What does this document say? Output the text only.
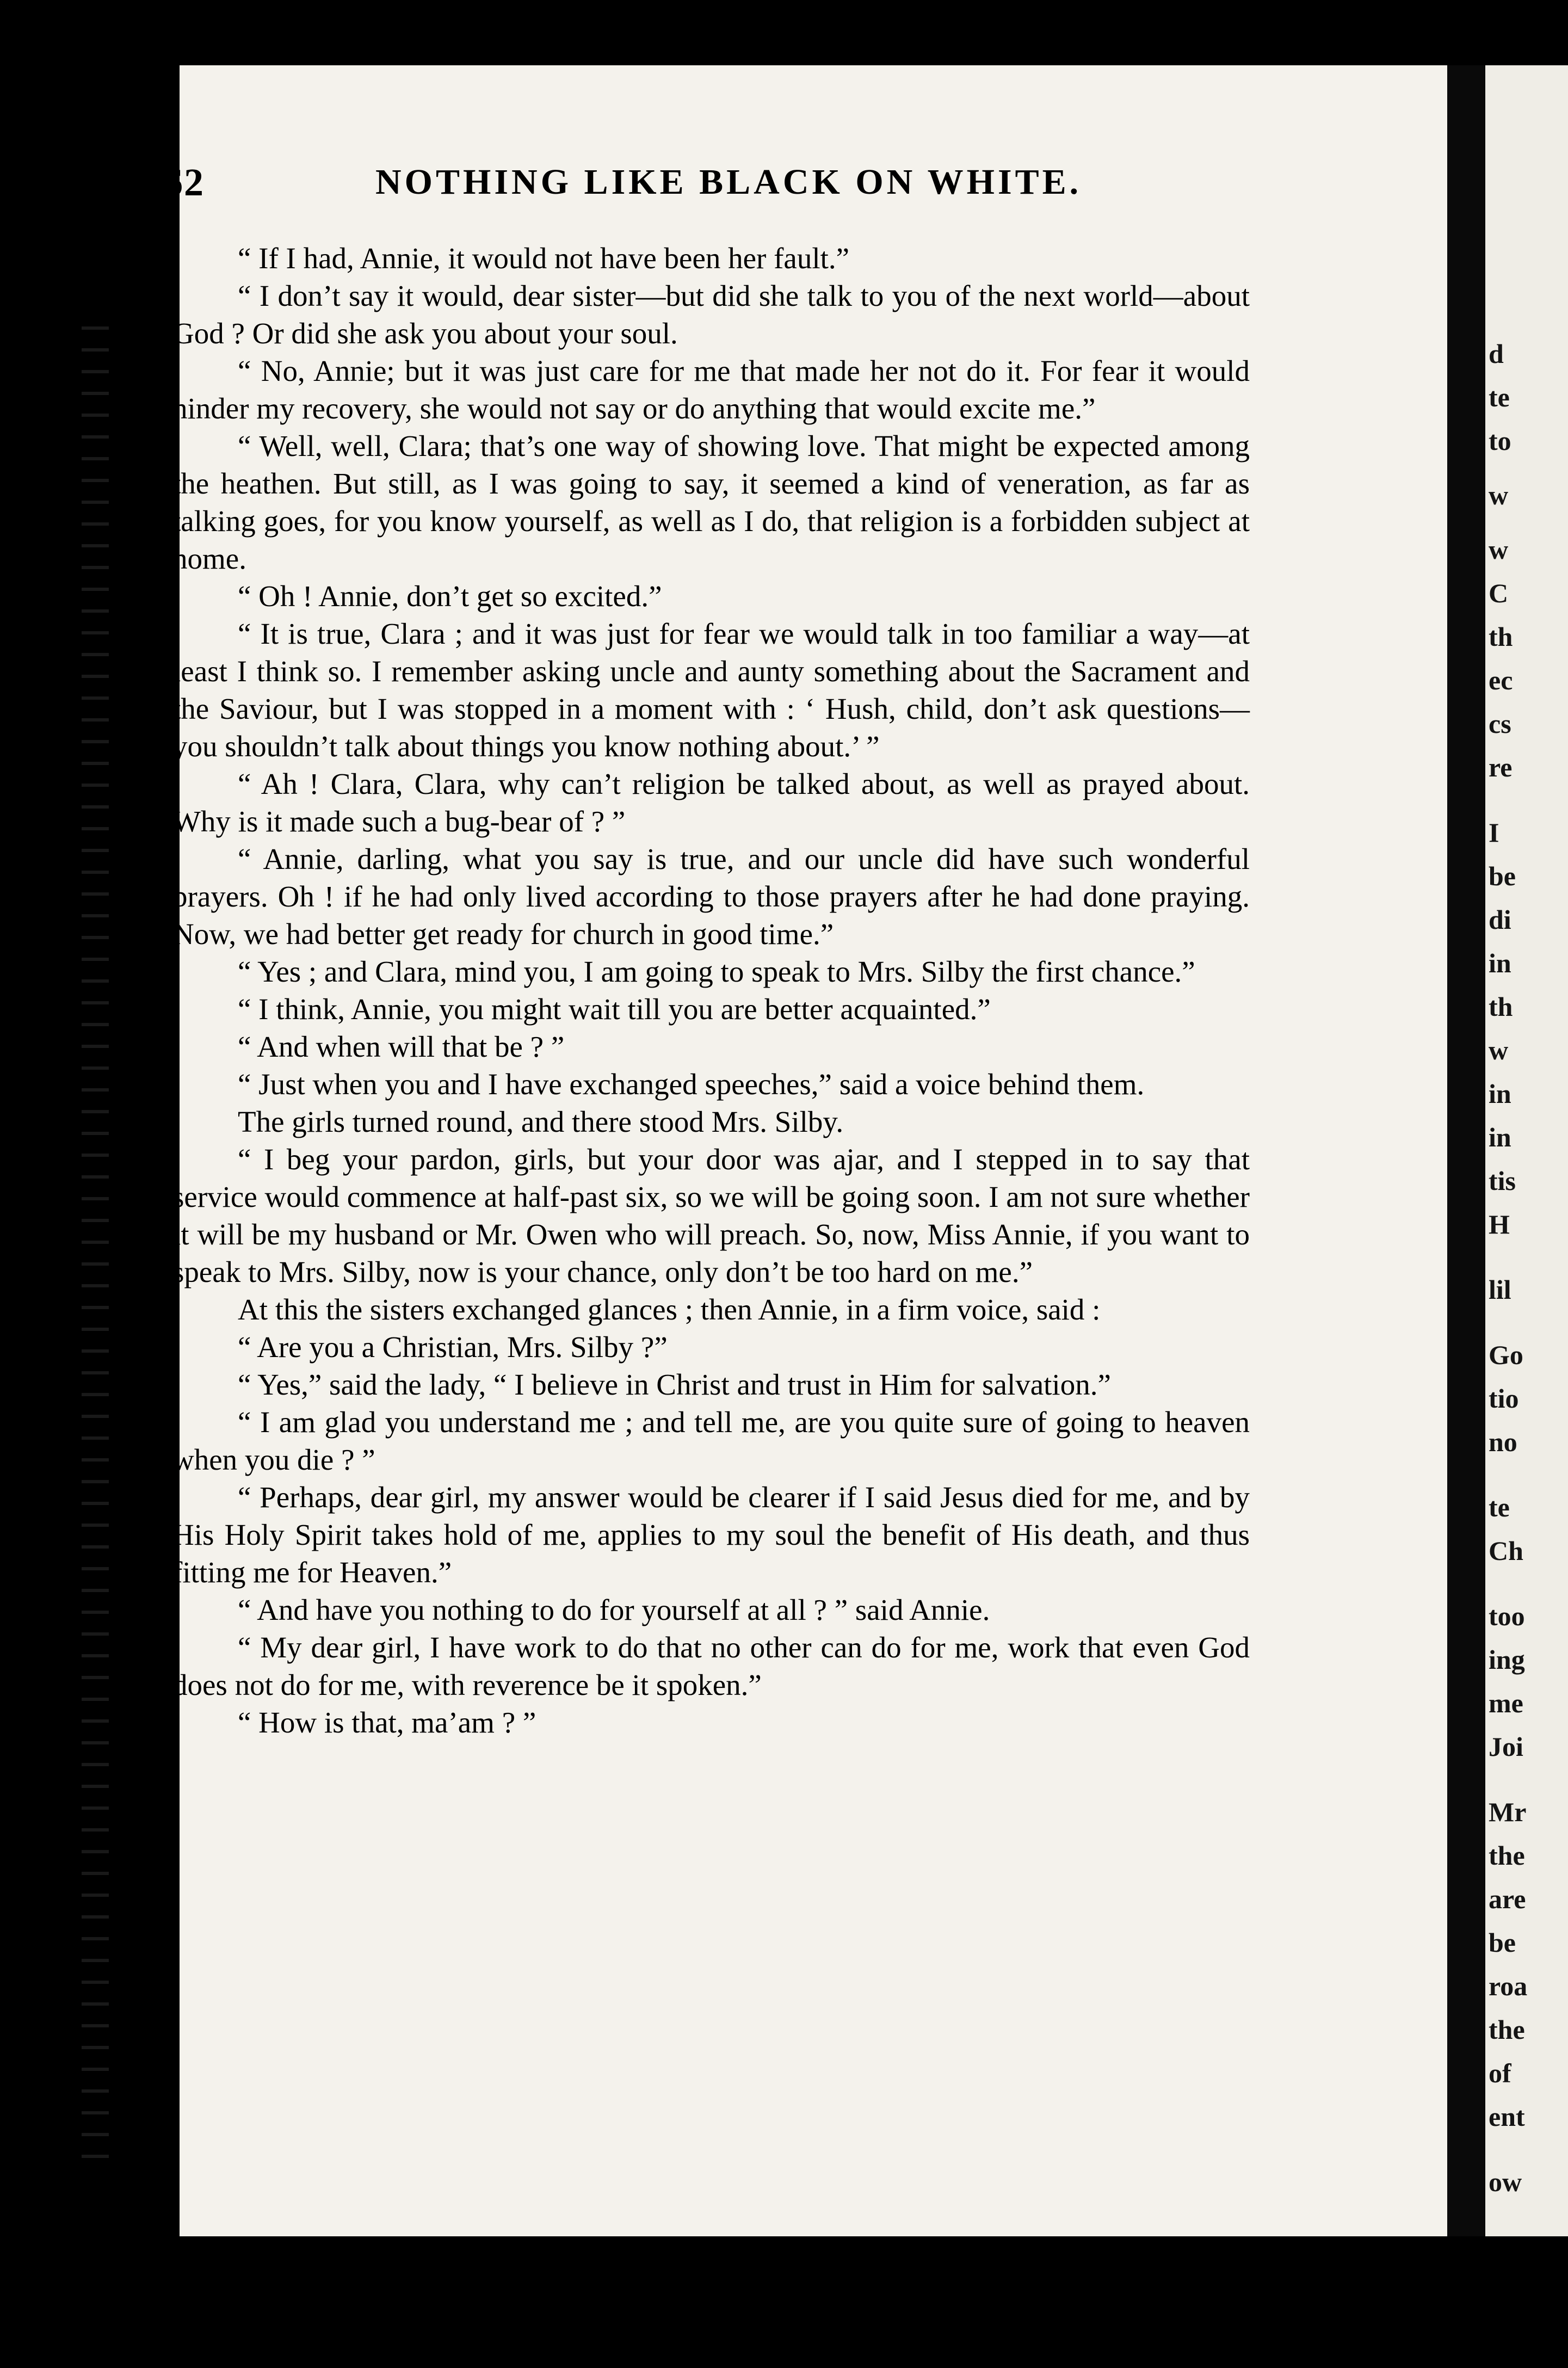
62	NOTHING LIKE BLACK ON WHITE.

“ If I had, Annie, it would not have been her fault.”

“ I don’t say it would, dear sister—but did she talk to you of the next world—about God ? Or did she ask you about your soul.

“ No, Annie; but it was just care for me that made her not do it. For fear it would hinder my recovery, she would not say or do anything that would excite me.”

“ Well, well, Clara; that’s one way of showing love. That might be expected among the heathen. But still, as I was going to say, it seemed a kind of veneration, as far as talking goes, for you know yourself, as well as I do, that religion is a forbidden subject at home.

“ Oh ! Annie, don’t get so excited.”

“ It is true, Clara ; and it was just for fear we would talk in too familiar a way—at least I think so. I remember asking uncle and aunty something about the Sacrament and the Saviour, but I was stopped in a moment with : ‘ Hush, child, don’t ask questions—you shouldn’t talk about things you know nothing about.’ ”

“ Ah ! Clara, Clara, why can’t religion be talked about, as well as prayed about. Why is it made such a bug-bear of ? ”

“ Annie, darling, what you say is true, and our uncle did have such wonderful prayers. Oh ! if he had only lived according to those prayers after he had done praying. Now, we had better get ready for church in good time.”

“ Yes ; and Clara, mind you, I am going to speak to Mrs. Silby the first chance.”

“ I think, Annie, you might wait till you are better acquainted.”

“ And when will that be ? ”

“ Just when you and I have exchanged speeches,” said a voice behind them.

The girls turned round, and there stood Mrs. Silby.

“ I beg your pardon, girls, but your door was ajar, and I stepped in to say that service would commence at half-past six, so we will be going soon. I am not sure whether it will be my husband or Mr. Owen who will preach. So, now, Miss Annie, if you want to speak to Mrs. Silby, now is your chance, only don’t be too hard on me.”

At this the sisters exchanged glances ; then Annie, in a firm voice, said :

“ Are you a Christian, Mrs. Silby ?”

“ Yes,” said the lady, “ I believe in Christ and trust in Him for salvation.”

“ I am glad you understand me ; and tell me, are you quite sure of going to heaven when you die ? ”

“ Perhaps, dear girl, my answer would be clearer if I said Jesus died for me, and by His Holy Spirit takes hold of me, applies to my soul the benefit of His death, and thus fitting me for Heaven.”

“ And have you nothing to do for yourself at all ? ” said Annie.

“ My dear girl, I have work to do that no other can do for me, work that even God does not do for me, with reverence be it spoken.”

“ How is that, ma’am ? ”

d
te
to
w
w
C
th
ec
cs
re
I
be
di
in
th
w
in
in
tis
H
lil
Go
tio
no
te
Ch
too
ing
me
Joi
Mr
the
are
be
roa
the
of
ent
ow
